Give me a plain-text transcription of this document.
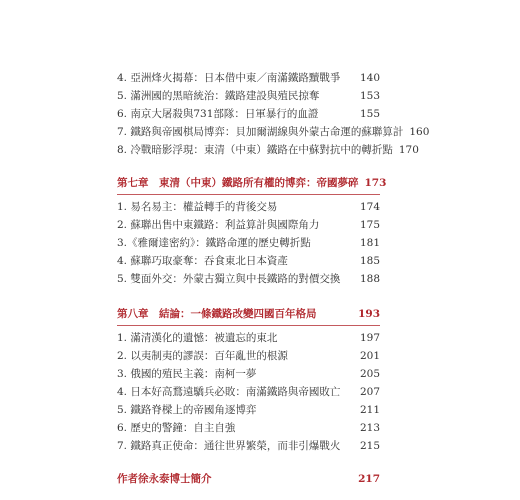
4. 亞洲烽火揭幕：日本借中東／南滿鐵路黷戰爭	140
5. 滿洲國的黑暗統治：鐵路建設與殖民掠奪	153
6. 南京大屠殺與731部隊：日軍暴行的血證	155
7. 鐵路與帝國棋局博弈：貝加爾湖線與外蒙古命運的蘇聯算計 160
8. 冷戰暗影浮現：東清（中東）鐵路在中蘇對抗中的轉折點 170
第七章　東清（中東）鐵路所有權的博弈：帝國夢碎 173
1. 易名易主：權益轉手的背後交易	174
2. 蘇聯出售中東鐵路：利益算計與國際角力	175
3.《雅爾達密約》：鐵路命運的歷史轉折點	181
4. 蘇聯巧取豪奪：吞食東北日本資產	185
5. 雙面外交：外蒙古獨立與中長鐵路的對價交換	188
第八章　結論：一條鐵路改變四國百年格局	193
1. 滿清漢化的遺憾：被遺忘的東北	197
2. 以夷制夷的謬誤：百年亂世的根源	201
3. 俄國的殖民主義：南柯一夢	205
4. 日本好高鶩遠驕兵必敗：南滿鐵路與帝國敗亡	207
5. 鐵路脊樑上的帝國角逐博弈	211
6. 歷史的警鐘：自主自強	213
7. 鐵路真正使命：通往世界繁榮，而非引爆戰火	215
作者徐永泰博士簡介	217
